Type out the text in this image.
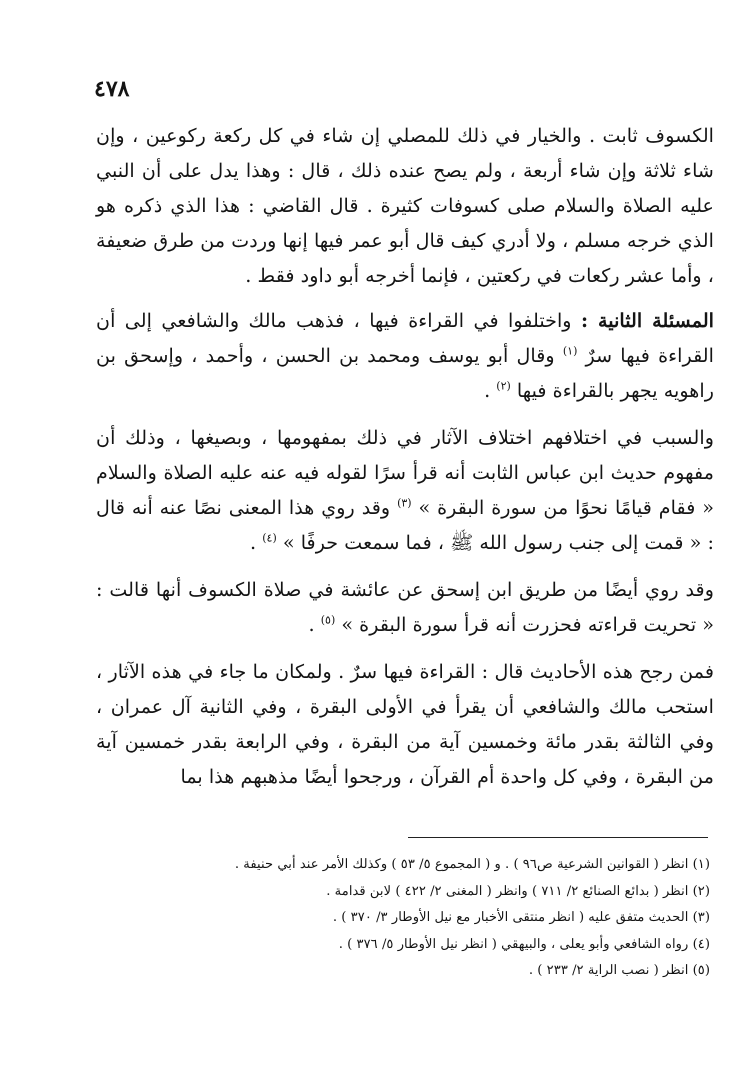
٤٧٨

الكسوف ثابت . والخيار في ذلك للمصلي إن شاء في كل ركعة ركوعين ، وإن شاء ثلاثة وإن شاء أربعة ، ولم يصح عنده ذلك ، قال : وهذا يدل على أن النبي عليه الصلاة والسلام صلى كسوفات كثيرة . قال القاضي : هذا الذي ذكره هو الذي خرجه مسلم ، ولا أدري كيف قال أبو عمر فيها إنها وردت من طرق ضعيفة ، وأما عشر ركعات في ركعتين ، فإنما أخرجه أبو داود فقط .

المسئلة الثانية : واختلفوا في القراءة فيها ، فذهب مالك والشافعي إلى أن القراءة فيها سرٌ $^{(١)}$ وقال أبو يوسف ومحمد بن الحسن ، وأحمد ، وإسحق بن راهويه يجهر بالقراءة فيها $^{(٢)}$ .

والسبب في اختلافهم اختلاف الآثار في ذلك بمفهومها ، وبصيغها ، وذلك أن مفهوم حديث ابن عباس الثابت أنه قرأ سرًا لقوله فيه عنه عليه الصلاة والسلام « فقام قيامًا نحوًا من سورة البقرة » $^{(٣)}$ وقد روي هذا المعنى نصًا عنه أنه قال : « قمت إلى جنب رسول الله ﷺ ، فما سمعت حرفًا » $^{(٤)}$ .

وقد روي أيضًا من طريق ابن إسحق عن عائشة في صلاة الكسوف أنها قالت : « تحريت قراءته فحزرت أنه قرأ سورة البقرة » $^{(٥)}$ .

فمن رجح هذه الأحاديث قال : القراءة فيها سرٌ . ولمكان ما جاء في هذه الآثار ، استحب مالك والشافعي أن يقرأ في الأولى البقرة ، وفي الثانية آل عمران ، وفي الثالثة بقدر مائة وخمسين آية من البقرة ، وفي الرابعة بقدر خمسين آية من البقرة ، وفي كل واحدة أم القرآن ، ورجحوا أيضًا مذهبهم هذا بما

(١) انظر ( القوانين الشرعية ص٩٦ ) . و ( المجموع ٥/ ٥٣ ) وكذلك الأمر عند أبي حنيفة .
(٢) انظر ( بدائع الصنائع ٢/ ٧١١ ) وانظر ( المغنى ٢/ ٤٢٢ ) لابن قدامة .
(٣) الحديث متفق عليه ( انظر منتقى الأخبار مع نيل الأوطار ٣/ ٣٧٠ ) .
(٤) رواه الشافعي وأبو يعلى ، والبيهقي ( انظر نيل الأوطار ٥/ ٣٧٦ ) .
(٥) انظر ( نصب الراية ٢/ ٢٣٣ ) .
